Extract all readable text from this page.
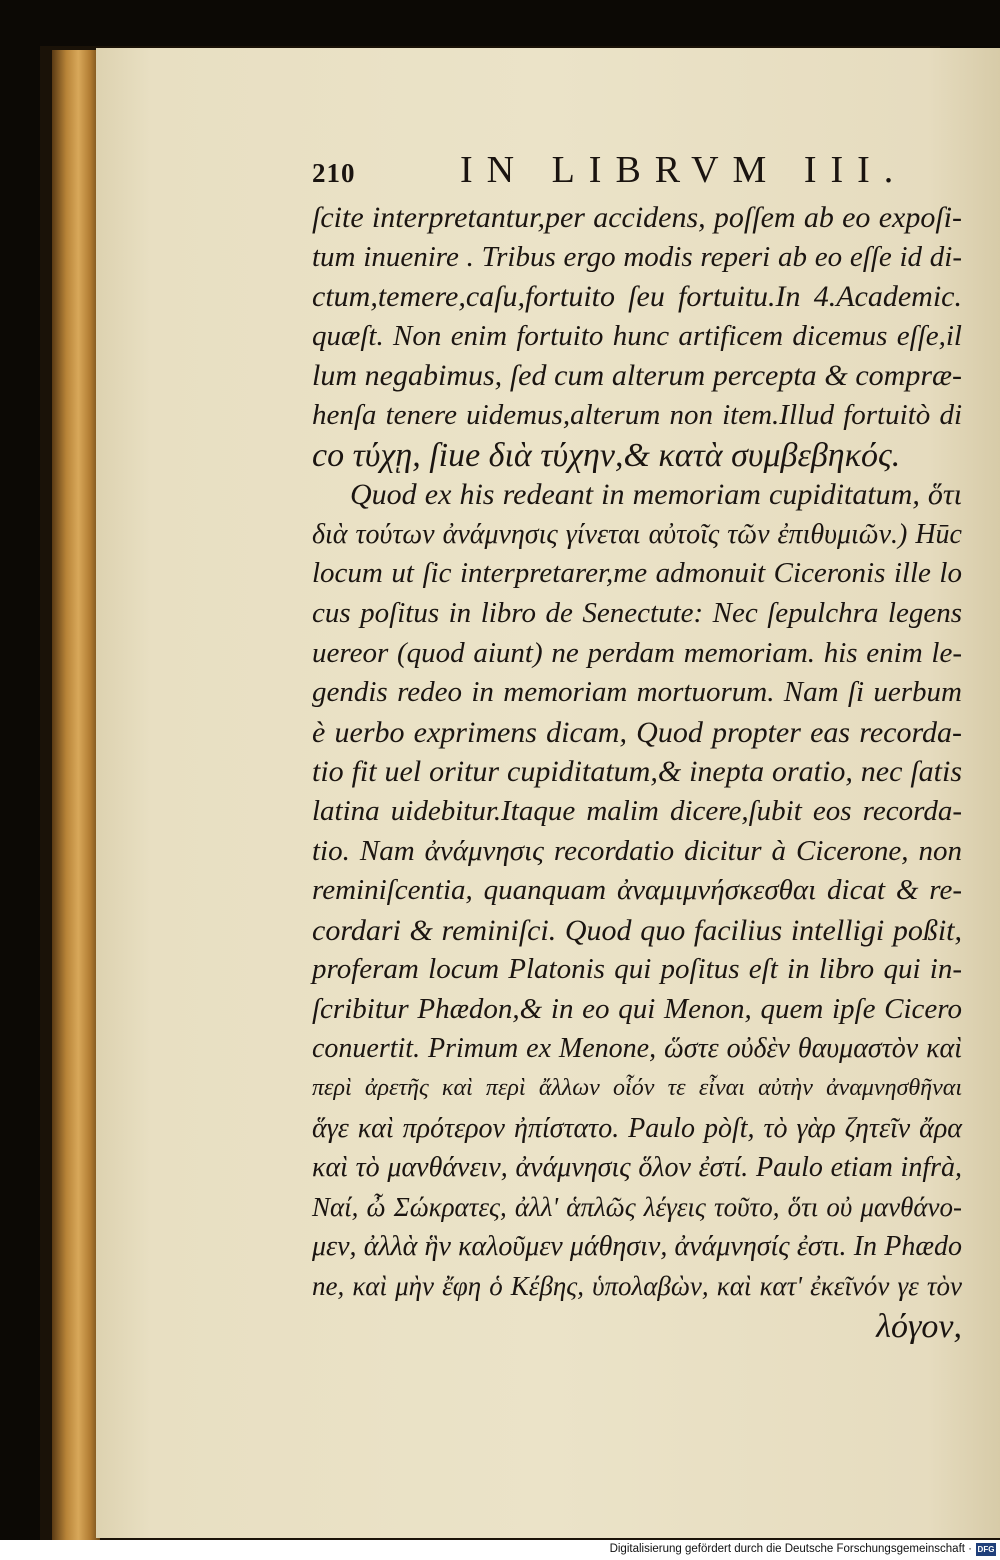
210	IN LIBRVM III.
ſcite interpretantur,per accidens, poſſem ab eo expoſi-
tum inuenire . Tribus ergo modis reperi ab eo eſſe id di-
ctum,temere,caſu,fortuito ſeu fortuitu.In 4.Academic.
quæſt. Non enim fortuito hunc artificem dicemus eſſe,il
lum negabimus, ſed cum alterum percepta & compræ-
henſa tenere uidemus,alterum non item.Illud fortuitò di
co τύχῃ, ſiue διὰ τύχην,& κατὰ συμβεβηκός.
Quod ex his redeant in memoriam cupiditatum, ὅτι
διὰ τούτων ἀνάμνησις γίνεται αὐτοῖς τῶν ἐπιθυμιῶν.) Hūc
locum ut ſic interpretarer,me admonuit Ciceronis ille lo
cus poſitus in libro de Senectute: Nec ſepulchra legens
uereor (quod aiunt) ne perdam memoriam. his enim le-
gendis redeo in memoriam mortuorum. Nam ſi uerbum
è uerbo exprimens dicam, Quod propter eas recorda-
tio fit uel oritur cupiditatum,& inepta oratio, nec ſatis
latina uidebitur.Itaque malim dicere,ſubit eos recorda-
tio. Nam ἀνάμνησις recordatio dicitur à Cicerone, non
reminiſcentia, quanquam ἀναμιμνήσκεσθαι dicat & re-
cordari & reminiſci. Quod quo facilius intelligi poßit,
proferam locum Platonis qui poſitus eſt in libro qui in-
ſcribitur Phædon,& in eo qui Menon, quem ipſe Cicero
conuertit. Primum ex Menone, ὥστε οὐδὲν θαυμαστὸν καὶ
περὶ ἀρετῆς καὶ περὶ ἄλλων οἷόν τε εἶναι αὐτὴν ἀναμνησθῆναι
ἅγε καὶ πρότερον ἠπίστατο. Paulo pòſt, τὸ γὰρ ζητεῖν ἄρα
καὶ τὸ μανθάνειν, ἀνάμνησις ὅλον ἐστί. Paulo etiam infrà,
Ναί, ὦ Σώκρατες, ἀλλ' ἁπλῶς λέγεις τοῦτο, ὅτι οὐ μανθάνο-
μεν, ἀλλὰ ἣν καλοῦμεν μάθησιν, ἀνάμνησίς ἐστι. In Phædo
ne, καὶ μὴν ἔφη ὁ Κέβης, ὑπολαβὼν, καὶ κατ' ἐκεῖνόν γε τὸν
λόγον,
Digitalisierung gefördert durch die Deutsche Forschungsgemeinschaft · DFG
